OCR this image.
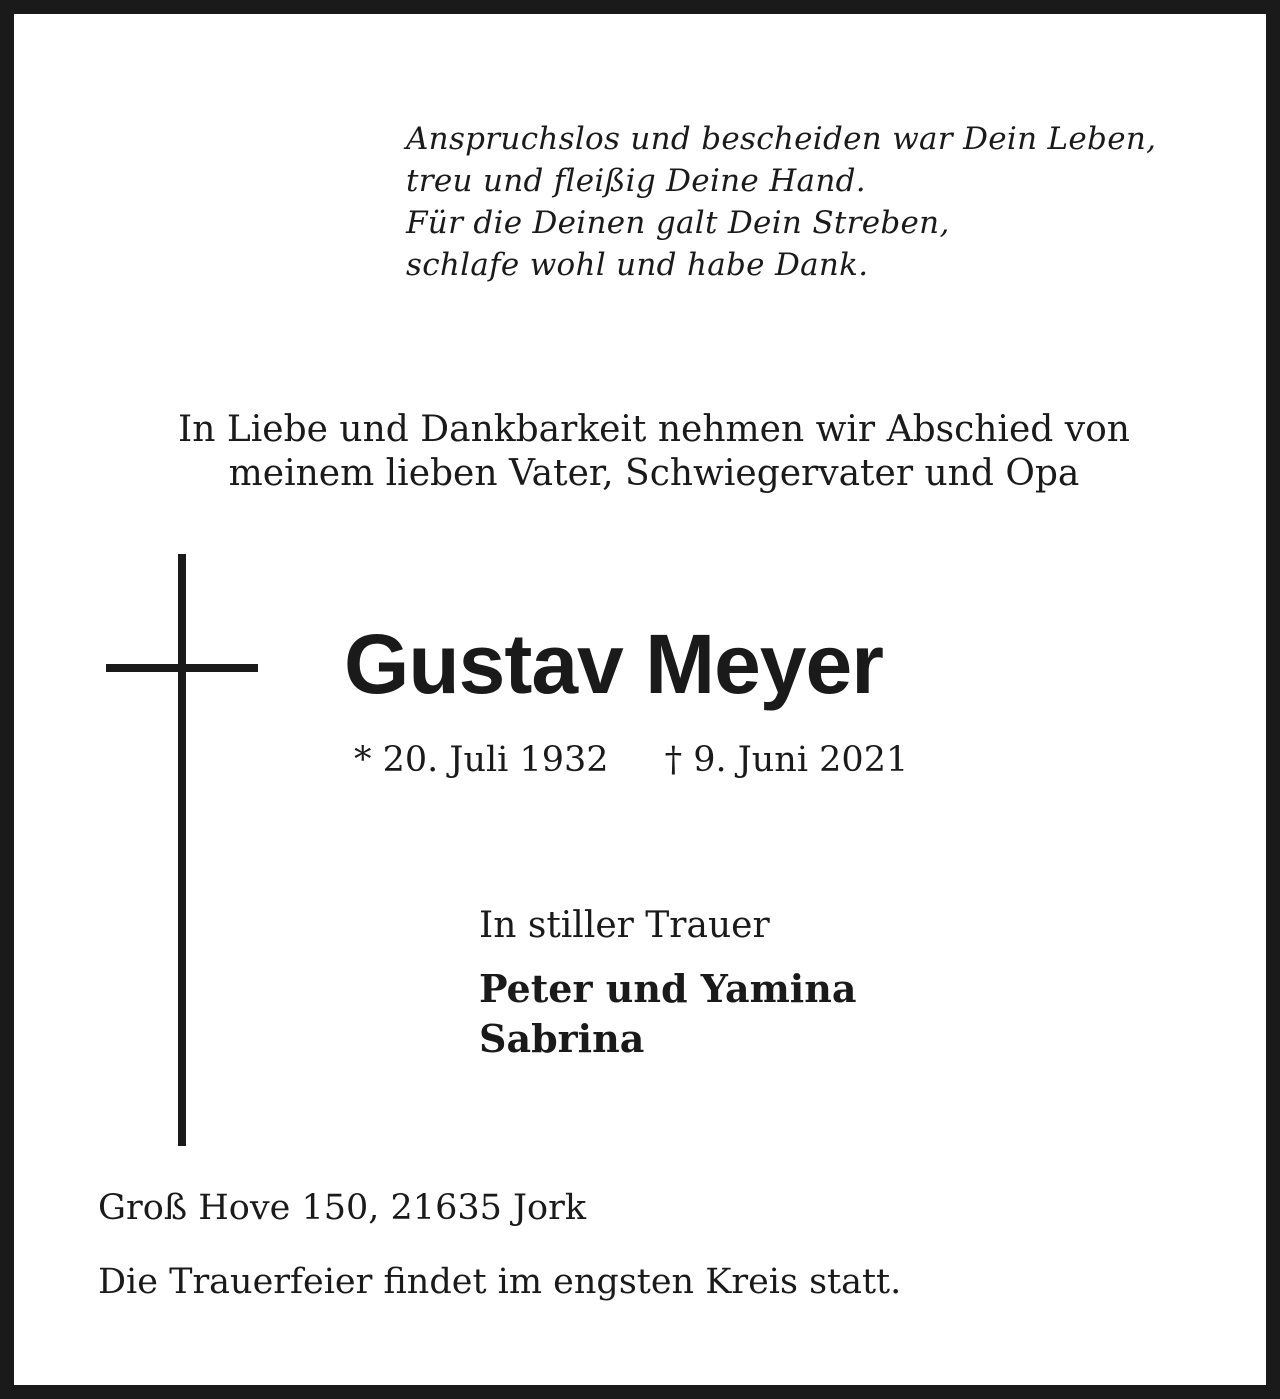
Anspruchslos und bescheiden war Dein Leben,
treu und fleißig Deine Hand.
Für die Deinen galt Dein Streben,
schlafe wohl und habe Dank.
In Liebe und Dankbarkeit nehmen wir Abschied von
meinem lieben Vater, Schwiegervater und Opa
Gustav Meyer
* 20. Juli 1932 † 9. Juni 2021
In stiller Trauer
Peter und Yamina
Sabrina
Groß Hove 150, 21635 Jork
Die Trauerfeier findet im engsten Kreis statt.
